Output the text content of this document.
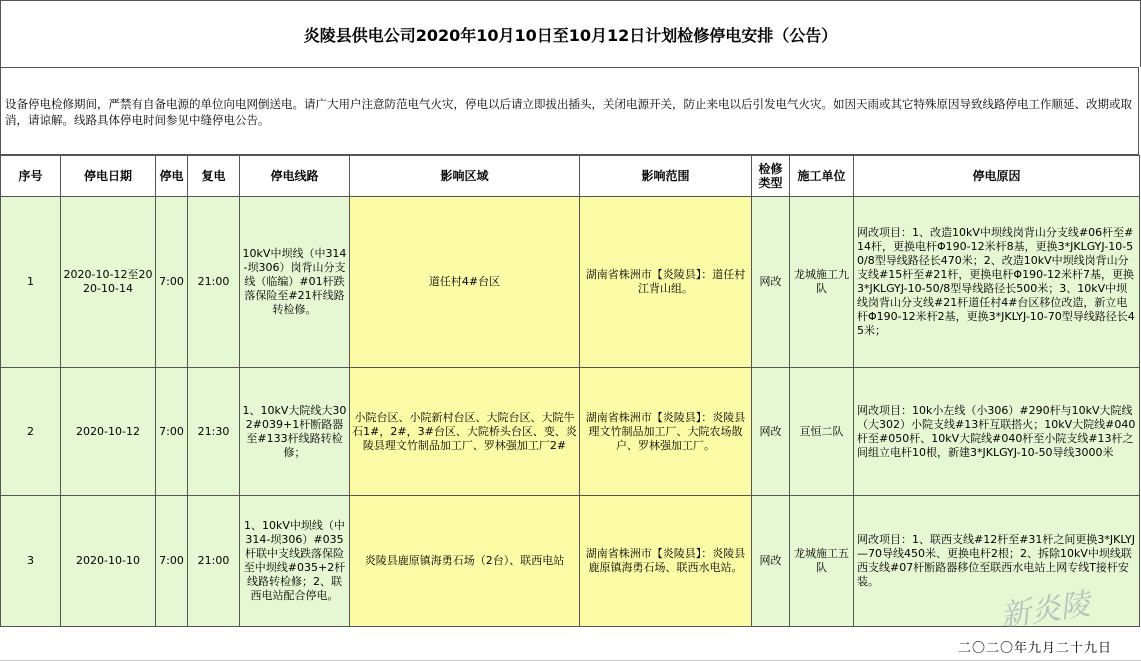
炎陵县供电公司2020年10月10日至10月12日计划检修停电安排（公告）

设备停电检修期间，严禁有自备电源的单位向电网倒送电。请广大用户注意防范电气火灾，停电以后请立即拔出插头，关闭电源开关，防止来电以后引发电气火灾。如因天雨或其它特殊原因导致线路停电工作顺延、改期或取消，请谅解。线路具体停电时间参见中缝停电公告。

序号	停电日期	停电	复电	停电线路	影响区域	影响范围	检修类型	施工单位	停电原因
1	2020-10-12至2020-10-14	7:00	21:00	10kV中坝线（中314-坝306）岗背山分支线（临编）#01杆跌落保险至#21杆线路转检修。	道任村4#台区	湖南省株洲市【炎陵县】：道任村江背山组。	网改	龙城施工九队	网改项目：1、改造10kV中坝线岗背山分支线#06杆至#14杆，更换电杆Φ190-12米杆8基，更换3*JKLGYJ-10-50/8型导线路径长470米；2、改造10kV中坝线岗背山分支线#15杆至#21杆，更换电杆Φ190-12米杆7基，更换3*JKLGYJ-10-50/8型导线路径长500米；3、10kV中坝线岗背山分支线#21杆道任村4#台区移位改造，新立电杆Φ190-12米杆2基，更换3*JKLYJ-10-70型导线路径长45米；
2	2020-10-12	7:00	21:30	1、10kV大院线大302#039+1杆断路器至#133杆线路转检修；	小院台区、小院新村台区、大院台区、大院牛石1#，2#，3#台区、大院桥头台区、变、炎陵县理文竹制品加工厂、罗林强加工厂2#	湖南省株洲市【炎陵县】：炎陵县理文竹制品加工厂、大院农场散户、罗林强加工厂。	网改	亘恒二队	网改项目：10k小左线（小306）#290杆与10kV大院线（大302）小院支线#13杆互联搭火；10kV大院线#040杆至#050杆、10kV大院线#040杆至小院支线#13杆之间组立电杆10根，新建3*JKLGYJ-10-50导线3000米
3	2020-10-10	7:00	21:00	1、10kV中坝线（中314-坝306）#035杆联中支线跌落保险至中坝线#035+2杆线路转检修；2、联西电站配合停电。	炎陵县鹿原镇海勇石场（2台）、联西电站	湖南省株洲市【炎陵县】：炎陵县鹿原镇海勇石场、联西水电站。	网改	龙城施工五队	网改项目：1、联西支线#12杆至#31杆之间更换3*JKLYJ—70导线450米、更换电杆2根；2、拆除10kV中坝线联西支线#07杆断路器移位至联西水电站上网专线T接杆安装。
新炎陵
二〇二〇年九月二十九日
